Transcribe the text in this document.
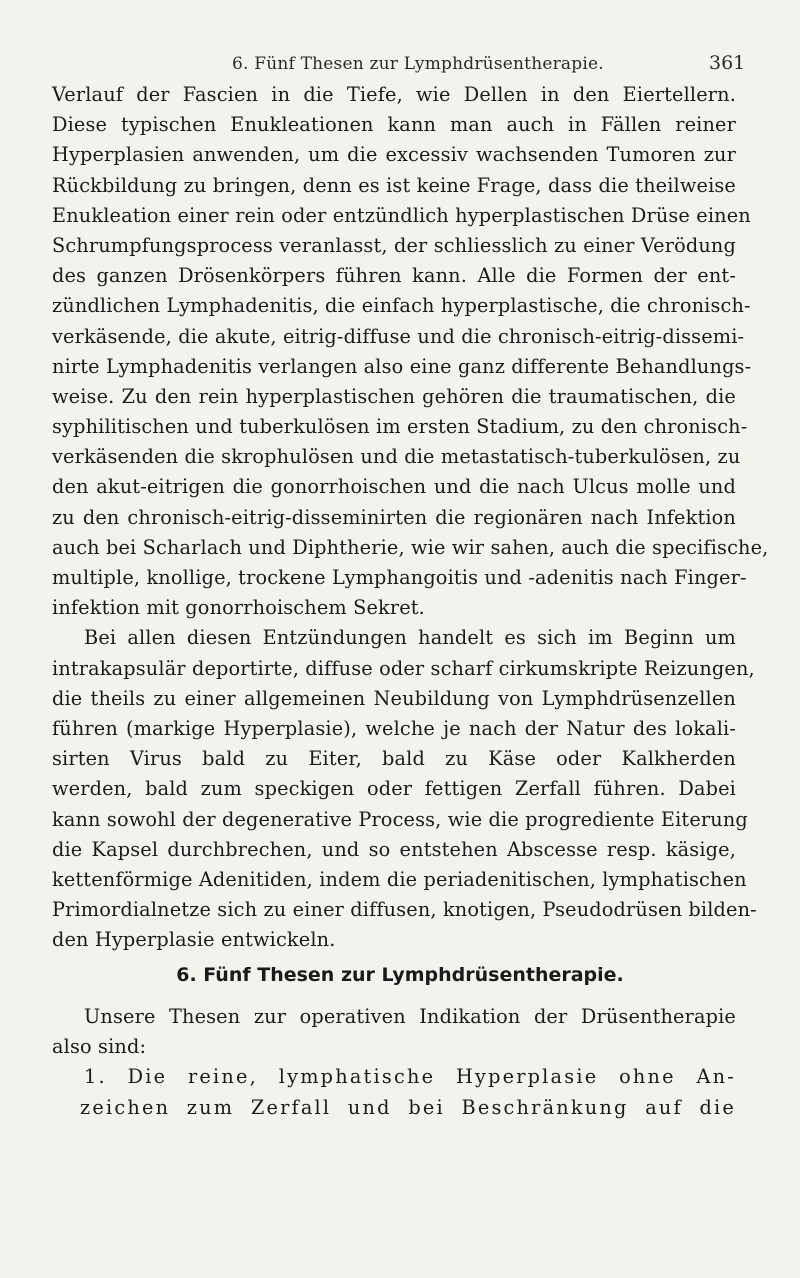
6. Fünf Thesen zur Lymphdrüsentherapie.	361
Verlauf der Fascien in die Tiefe, wie Dellen in den Eiertellern.
Diese typischen Enukleationen kann man auch in Fällen reiner
Hyperplasien anwenden, um die excessiv wachsenden Tumoren zur
Rückbildung zu bringen, denn es ist keine Frage, dass die theilweise
Enukleation einer rein oder entzündlich hyperplastischen Drüse einen
Schrumpfungsprocess veranlasst, der schliesslich zu einer Verödung
des ganzen Drösenkörpers führen kann. Alle die Formen der ent-
zündlichen Lymphadenitis, die einfach hyperplastische, die chronisch-
verkäsende, die akute, eitrig-diffuse und die chronisch-eitrig-dissemi-
nirte Lymphadenitis verlangen also eine ganz differente Behandlungs-
weise. Zu den rein hyperplastischen gehören die traumatischen, die
syphilitischen und tuberkulösen im ersten Stadium, zu den chronisch-
verkäsenden die skrophulösen und die metastatisch-tuberkulösen, zu
den akut-eitrigen die gonorrhoischen und die nach Ulcus molle und
zu den chronisch-eitrig-disseminirten die regionären nach Infektion
auch bei Scharlach und Diphtherie, wie wir sahen, auch die specifische,
multiple, knollige, trockene Lymphangoitis und -adenitis nach Finger-
infektion mit gonorrhoischem Sekret.
Bei allen diesen Entzündungen handelt es sich im Beginn um
intrakapsulär deportirte, diffuse oder scharf cirkumskripte Reizungen,
die theils zu einer allgemeinen Neubildung von Lymphdrüsenzellen
führen (markige Hyperplasie), welche je nach der Natur des lokali-
sirten Virus bald zu Eiter, bald zu Käse oder Kalkherden
werden, bald zum speckigen oder fettigen Zerfall führen. Dabei
kann sowohl der degenerative Process, wie die progrediente Eiterung
die Kapsel durchbrechen, und so entstehen Abscesse resp. käsige,
kettenförmige Adenitiden, indem die periadenitischen, lymphatischen
Primordialnetze sich zu einer diffusen, knotigen, Pseudodrüsen bilden-
den Hyperplasie entwickeln.
6. Fünf Thesen zur Lymphdrüsentherapie.
Unsere Thesen zur operativen Indikation der Drüsentherapie
also sind:
1. Die reine, lymphatische Hyperplasie ohne An-
zeichen zum Zerfall und bei Beschränkung auf die
